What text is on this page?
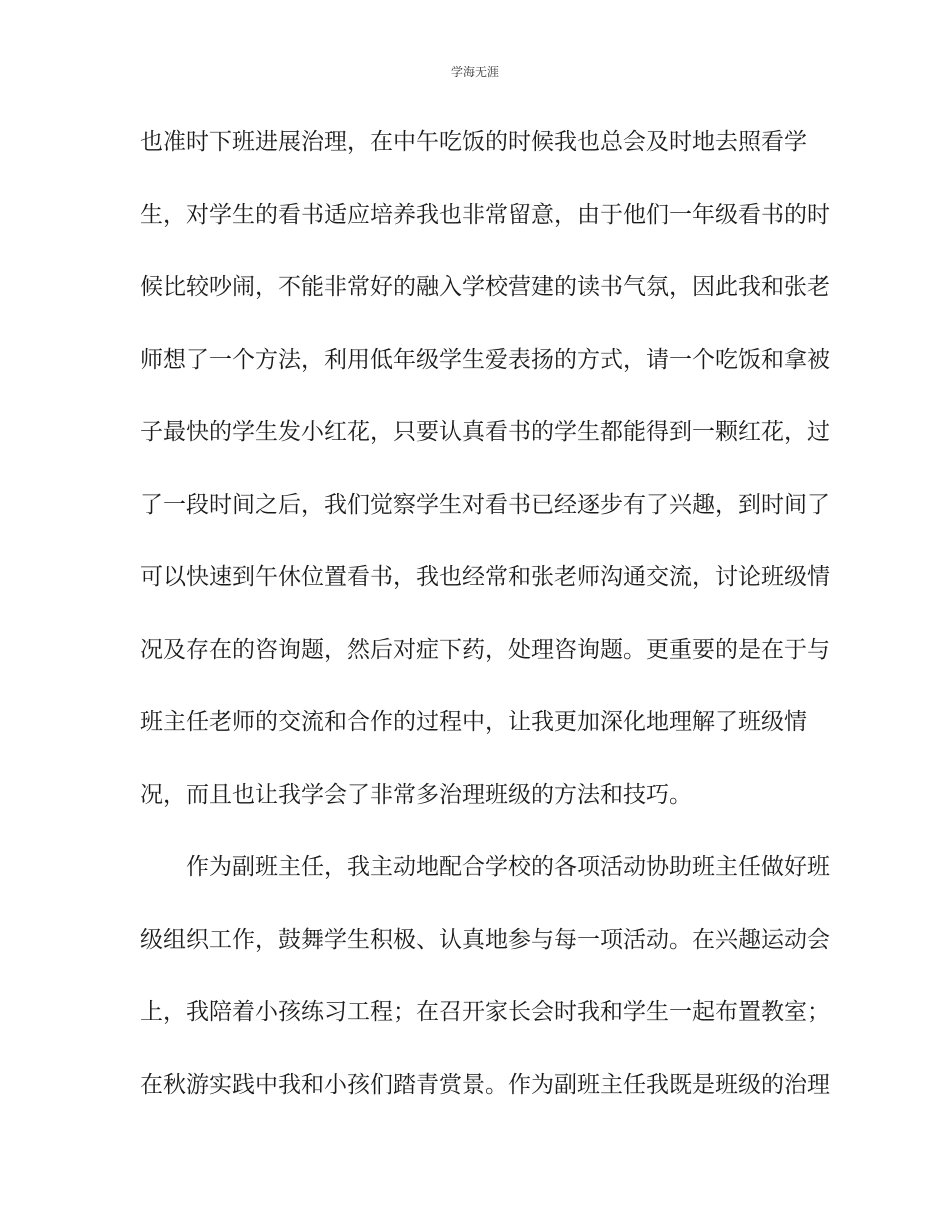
学海无涯
也准时下班进展治理，在中午吃饭的时候我也总会及时地去照看学
生，对学生的看书适应培养我也非常留意，由于他们一年级看书的时
候比较吵闹，不能非常好的融入学校营建的读书气氛，因此我和张老
师想了一个方法，利用低年级学生爱表扬的方式，请一个吃饭和拿被
子最快的学生发小红花，只要认真看书的学生都能得到一颗红花，过
了一段时间之后，我们觉察学生对看书已经逐步有了兴趣，到时间了
可以快速到午休位置看书，我也经常和张老师沟通交流，讨论班级情
况及存在的咨询题，然后对症下药，处理咨询题。更重要的是在于与
班主任老师的交流和合作的过程中，让我更加深化地理解了班级情
况，而且也让我学会了非常多治理班级的方法和技巧。
作为副班主任，我主动地配合学校的各项活动协助班主任做好班
级组织工作，鼓舞学生积极、认真地参与每一项活动。在兴趣运动会
上，我陪着小孩练习工程；在召开家长会时我和学生一起布置教室；
在秋游实践中我和小孩们踏青赏景。作为副班主任我既是班级的治理
